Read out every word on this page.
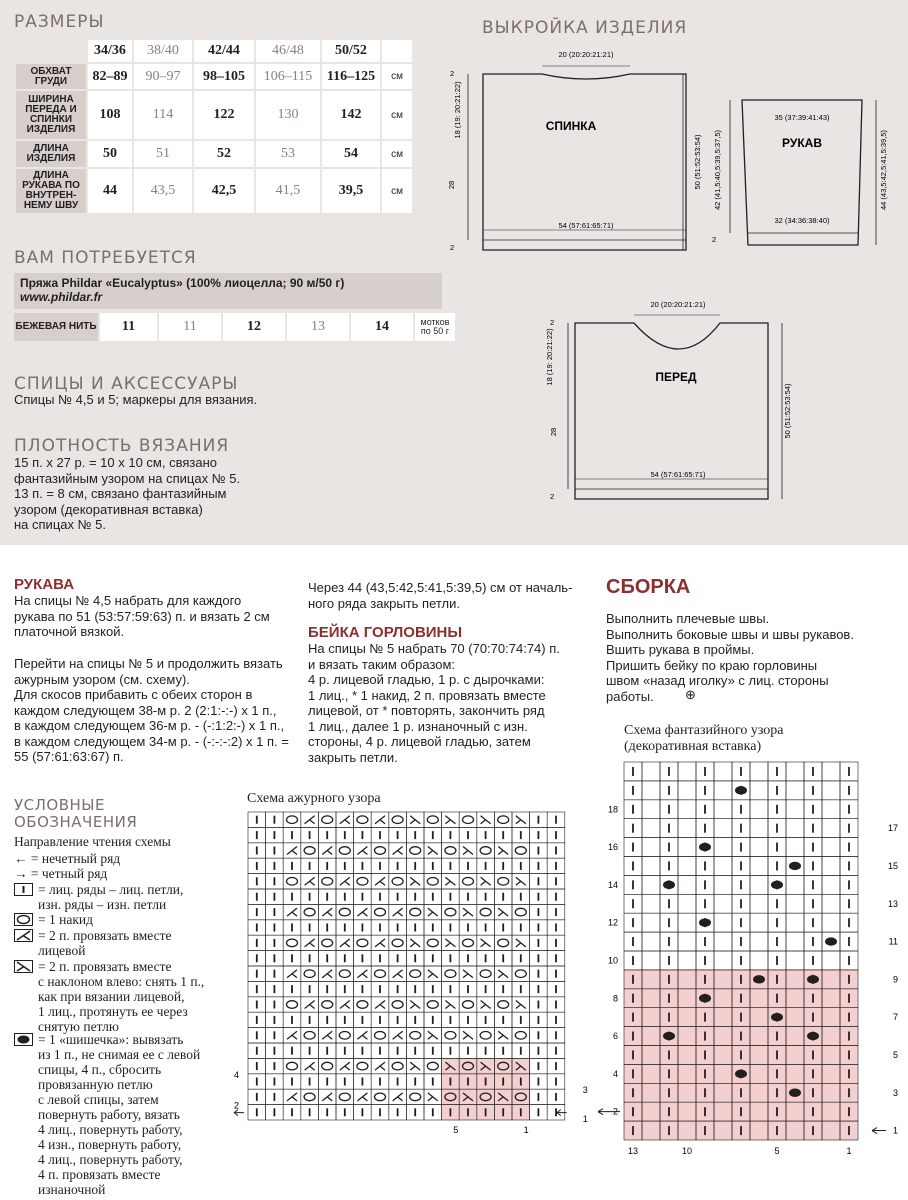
РАЗМЕРЫ
	34/36	38/40	42/44	46/48	50/52	
ОБХВАТ ГРУДИ	82–89	90–97	98–105	106–115	116–125	см
ШИРИНА ПЕРЕДА И СПИНКИ ИЗДЕЛИЯ	108	114	122	130	142	см
ДЛИНА ИЗДЕЛИЯ	50	51	52	53	54	см
ДЛИНА РУКАВА ПО ВНУТРЕН-НЕМУ ШВУ	44	43,5	42,5	41,5	39,5	см
ВАМ ПОТРЕБУЕТСЯ
Пряжа Phildar «Eucalyptus» (100% лиоцелла; 90 м/50 г)
www.phildar.fr
БЕЖЕВАЯ НИТЬ	11	11	12	13	14	мотков по 50 г
СПИЦЫ И АКСЕССУАРЫ
Спицы № 4,5 и 5; маркеры для вязания.
ПЛОТНОСТЬ ВЯЗАНИЯ
15 п. х 27 р. = 10 х 10 см, связано
фантазийным узором на спицах № 5.
13 п. = 8 см, связано фантазийным
узором (декоративная вставка)
на спицах № 5.
ВЫКРОЙКА ИЗДЕЛИЯ
20 (20:20:21:21)
54 (57:61:65:71)
СПИНКА
50 (51:52:53:54)
18 (19: 20:21:22)
28
2
2
35 (37:39:41:43)
32 (34:36:38:40)
РУКАВ
42 (41,5:40,5:39,5:37,5)	44 (43,5:42,5:41,5:39,5)
2
20 (20:20:21:21)
54 (57:61:65:71)
ПЕРЕД
50 (51:52:53:54)
18 (19: 20:21:22)
28
2
2
РУКАВА
На спицы № 4,5 набрать для каждого
рукава по 51 (53:57:59:63) п. и вязать 2 см
платочной вязкой.
Перейти на спицы № 5 и продолжить вязать
ажурным узором (см. схему).
Для скосов прибавить с обеих сторон в
каждом следующем 38-м р. 2 (2:1:-:-) х 1 п.,
в каждом следующем 36-м р. - (-:1:2:-) х 1 п.,
в каждом следующем 34-м р. - (-:-:-:2) х 1 п. =
55 (57:61:63:67) п.
Через 44 (43,5:42,5:41,5:39,5) см от началь-
ного ряда закрыть петли.
БЕЙКА ГОРЛОВИНЫ
На спицы № 5 набрать 70 (70:70:74:74) п.
и вязать таким образом:
4 р. лицевой гладью, 1 р. с дырочками:
1 лиц., * 1 накид, 2 п. провязать вместе
лицевой, от * повторять, закончить ряд
1 лиц., далее 1 р. изнаночный с изн.
стороны, 4 р. лицевой гладью, затем
закрыть петли.
СБОРКА
Выполнить плечевые швы.
Выполнить боковые швы и швы рукавов.
Вшить рукава в проймы.
Пришить бейку по краю горловины
швом «назад иголку» с лиц. стороны
работы.	⊕
УСЛОВНЫЕ
ОБОЗНАЧЕНИЯ
Направление чтения схемы
← = нечетный ряд
→ = четный ряд
= лиц. ряды – лиц. петли,
изн. ряды – изн. петли
= 1 накид
= 2 п. провязать вместе
лицевой
= 2 п. провязать вместе
с наклоном влево: снять 1 п.,
как при вязании лицевой,
1 лиц., протянуть ее через
снятую петлю
= 1 «шишечка»: вывязать
из 1 п., не снимая ее с левой
спицы, 4 п., сбросить
провязанную петлю
с левой спицы, затем
повернуть работу, вязать
4 лиц., повернуть работу,
4 изн., повернуть работу,
4 лиц., повернуть работу,
4 п. провязать вместе
изнаночной
Схема ажурного узора
4
2
3
1
5	1
Схема фантазийного узора
(декоративная вставка)
18
16
14
12
10
8
6
4
2
17
15
13
11
9
7
5
3
1
13	10	5	1
